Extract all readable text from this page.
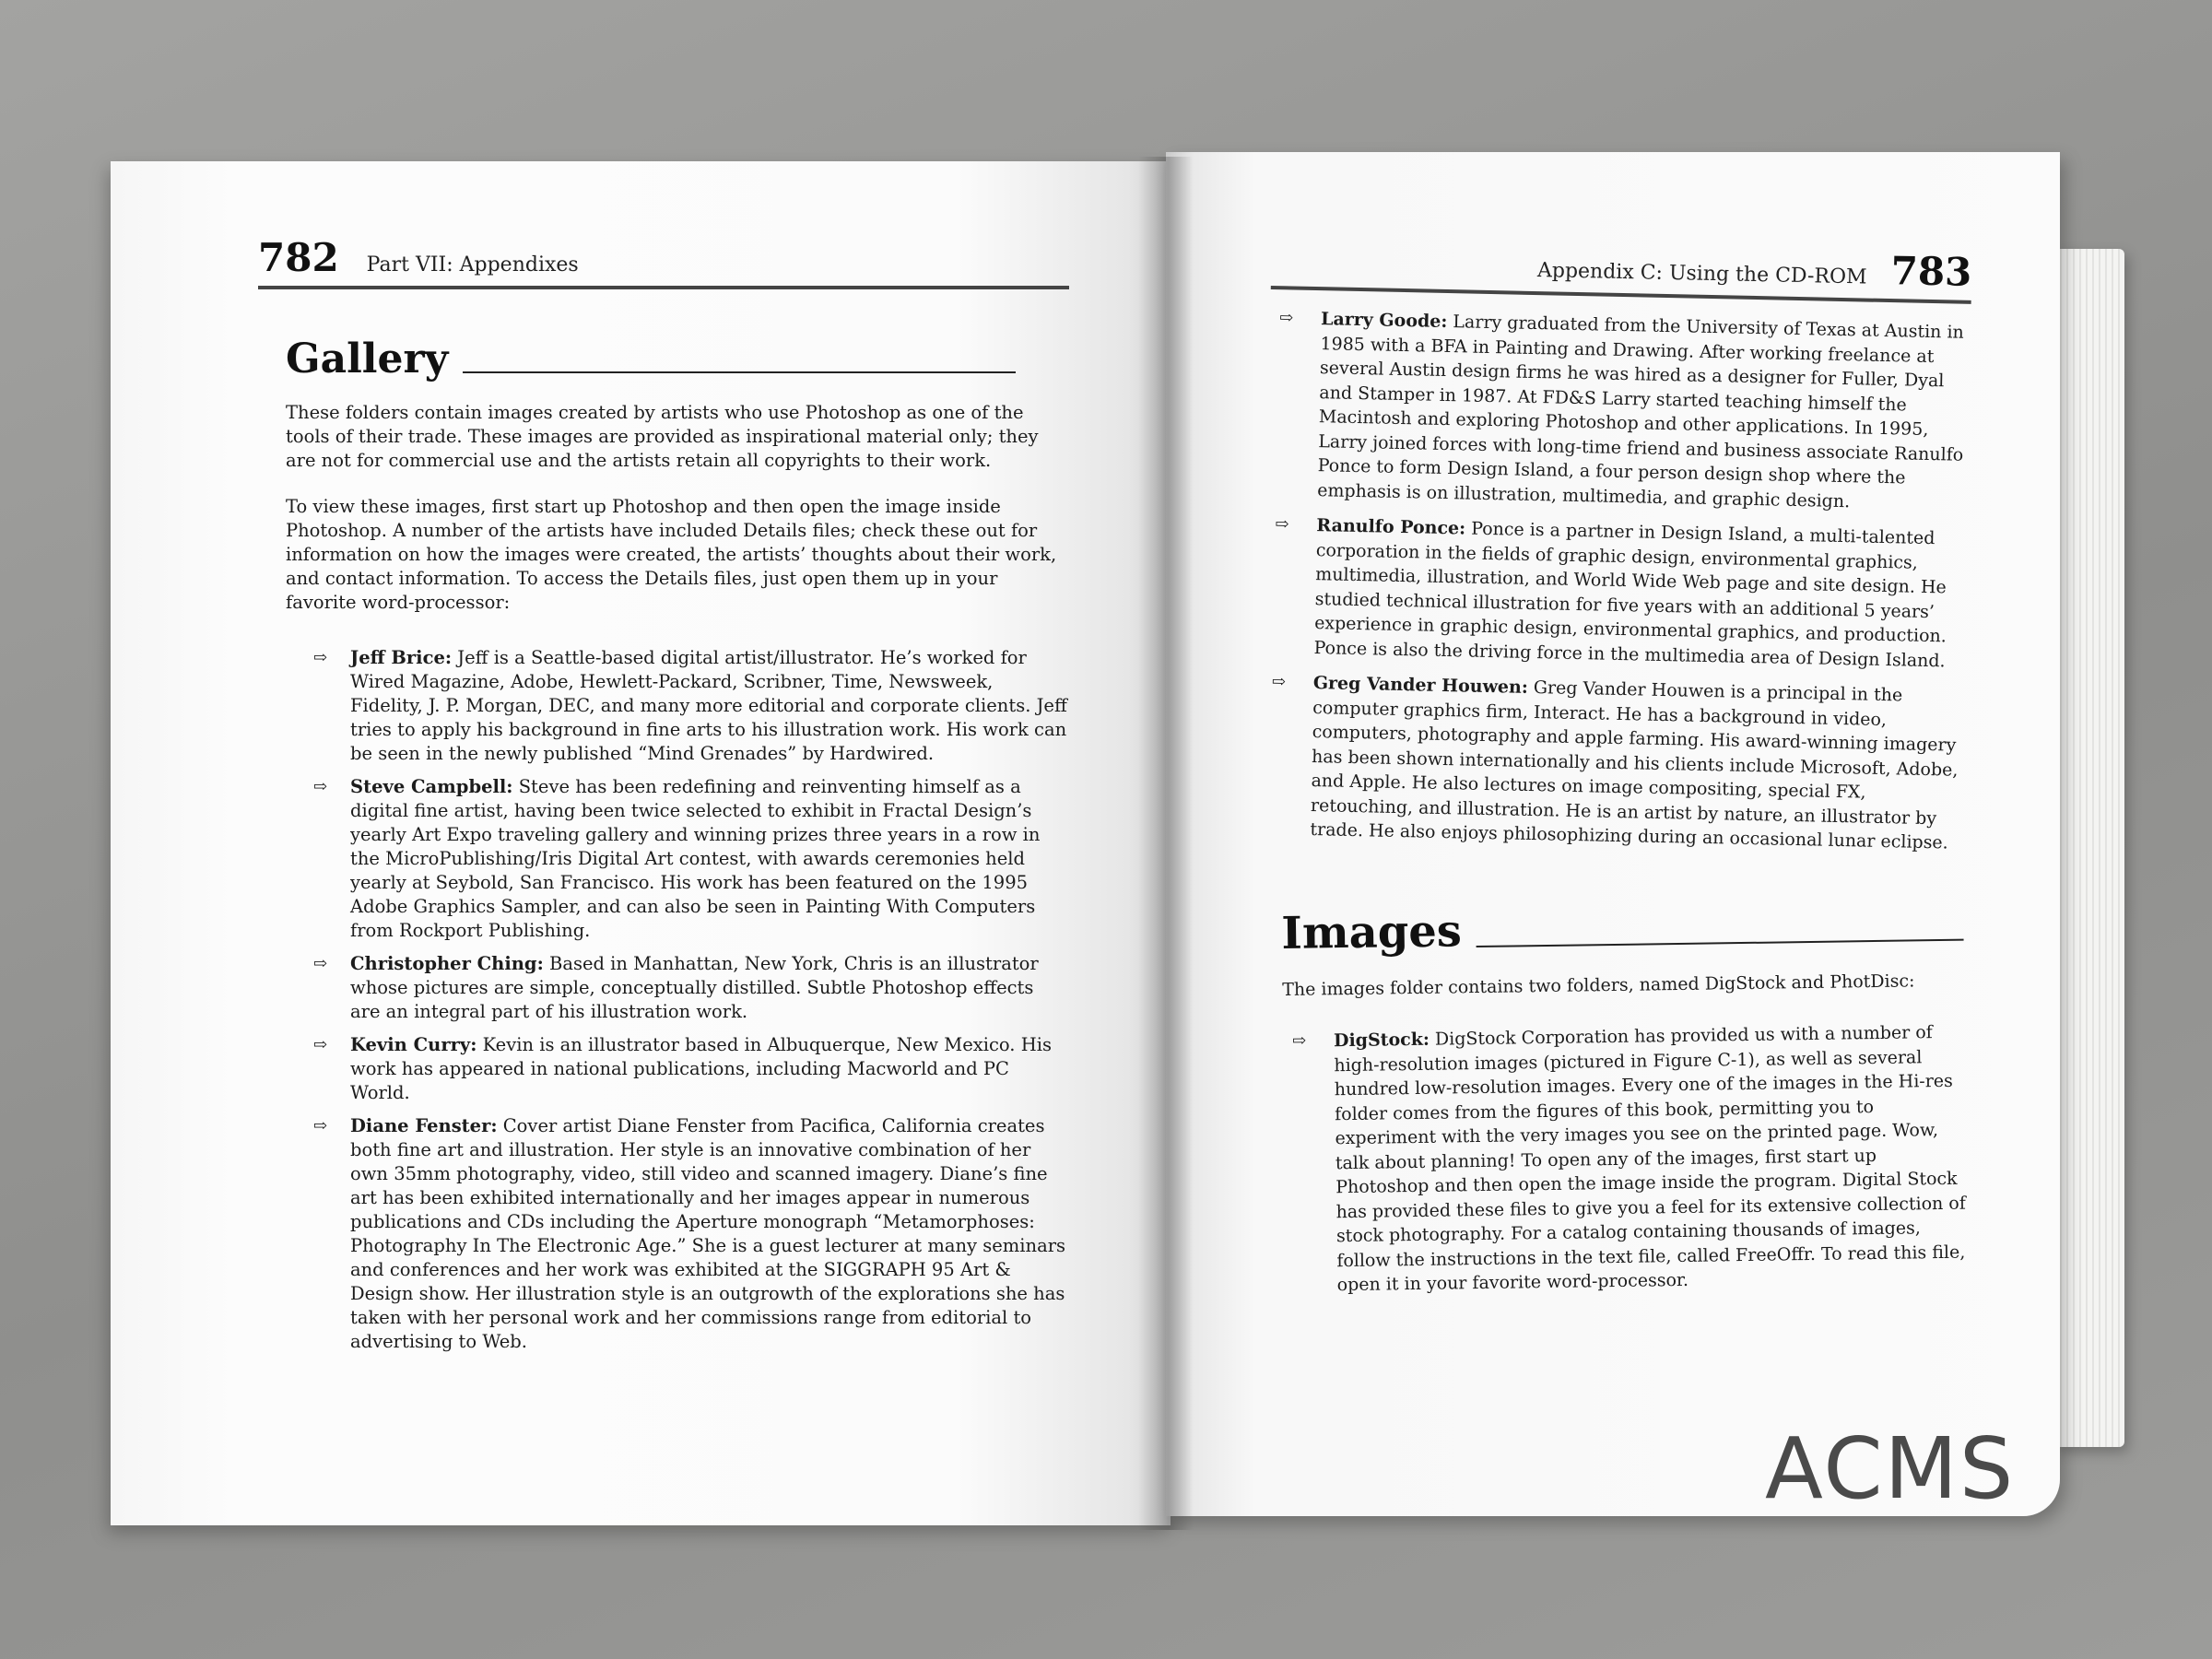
782 Part VII: Appendixes
Gallery

These folders contain images created by artists who use Photoshop as one of the tools of their trade. These images are provided as inspirational material only; they are not for commercial use and the artists retain all copyrights to their work.

To view these images, first start up Photoshop and then open the image inside Photoshop. A number of the artists have included Details files; check these out for information on how the images were created, the artists’ thoughts about their work, and contact information. To access the Details files, just open them up in your favorite word-processor:

⇨ Jeff Brice: Jeff is a Seattle-based digital artist/illustrator. He’s worked for Wired Magazine, Adobe, Hewlett-Packard, Scribner, Time, Newsweek, Fidelity, J. P. Morgan, DEC, and many more editorial and corporate clients. Jeff tries to apply his background in fine arts to his illustration work. His work can be seen in the newly published “Mind Grenades” by Hardwired.
⇨ Steve Campbell: Steve has been redefining and reinventing himself as a digital fine artist, having been twice selected to exhibit in Fractal Design’s yearly Art Expo traveling gallery and winning prizes three years in a row in the MicroPublishing/Iris Digital Art contest, with awards ceremonies held yearly at Seybold, San Francisco. His work has been featured on the 1995 Adobe Graphics Sampler, and can also be seen in Painting With Computers from Rockport Publishing.
⇨ Christopher Ching: Based in Manhattan, New York, Chris is an illustrator whose pictures are simple, conceptually distilled. Subtle Photoshop effects are an integral part of his illustration work.
⇨ Kevin Curry: Kevin is an illustrator based in Albuquerque, New Mexico. His work has appeared in national publications, including Macworld and PC World.
⇨ Diane Fenster: Cover artist Diane Fenster from Pacifica, California creates both fine art and illustration. Her style is an innovative combination of her own 35mm photography, video, still video and scanned imagery. Diane’s fine art has been exhibited internationally and her images appear in numerous publications and CDs including the Aperture monograph “Metamorphoses: Photography In The Electronic Age.” She is a guest lecturer at many seminars and conferences and her work was exhibited at the SIGGRAPH 95 Art & Design show. Her illustration style is an outgrowth of the explorations she has taken with her personal work and her commissions range from editorial to advertising to Web.
Appendix C: Using the CD-ROM 783
⇨ Larry Goode: Larry graduated from the University of Texas at Austin in 1985 with a BFA in Painting and Drawing. After working freelance at several Austin design firms he was hired as a designer for Fuller, Dyal and Stamper in 1987. At FD&S Larry started teaching himself the Macintosh and exploring Photoshop and other applications. In 1995, Larry joined forces with long-time friend and business associate Ranulfo Ponce to form Design Island, a four person design shop where the emphasis is on illustration, multimedia, and graphic design.
⇨ Ranulfo Ponce: Ponce is a partner in Design Island, a multi-talented corporation in the fields of graphic design, environmental graphics, multimedia, illustration, and World Wide Web page and site design. He studied technical illustration for five years with an additional 5 years’ experience in graphic design, environmental graphics, and production. Ponce is also the driving force in the multimedia area of Design Island.
⇨ Greg Vander Houwen: Greg Vander Houwen is a principal in the computer graphics firm, Interact. He has a background in video, computers, photography and apple farming. His award-winning imagery has been shown internationally and his clients include Microsoft, Adobe, and Apple. He also lectures on image compositing, special FX, retouching, and illustration. He is an artist by nature, an illustrator by trade. He also enjoys philosophizing during an occasional lunar eclipse.
Images

The images folder contains two folders, named DigStock and PhotDisc:

⇨ DigStock: DigStock Corporation has provided us with a number of high-resolution images (pictured in Figure C-1), as well as several hundred low-resolution images. Every one of the images in the Hi-res folder comes from the figures of this book, permitting you to experiment with the very images you see on the printed page. Wow, talk about planning! To open any of the images, first start up Photoshop and then open the image inside the program. Digital Stock has provided these files to give you a feel for its extensive collection of stock photography. For a catalog containing thousands of images, follow the instructions in the text file, called FreeOffr. To read this file, open it in your favorite word-processor.
ACMS
